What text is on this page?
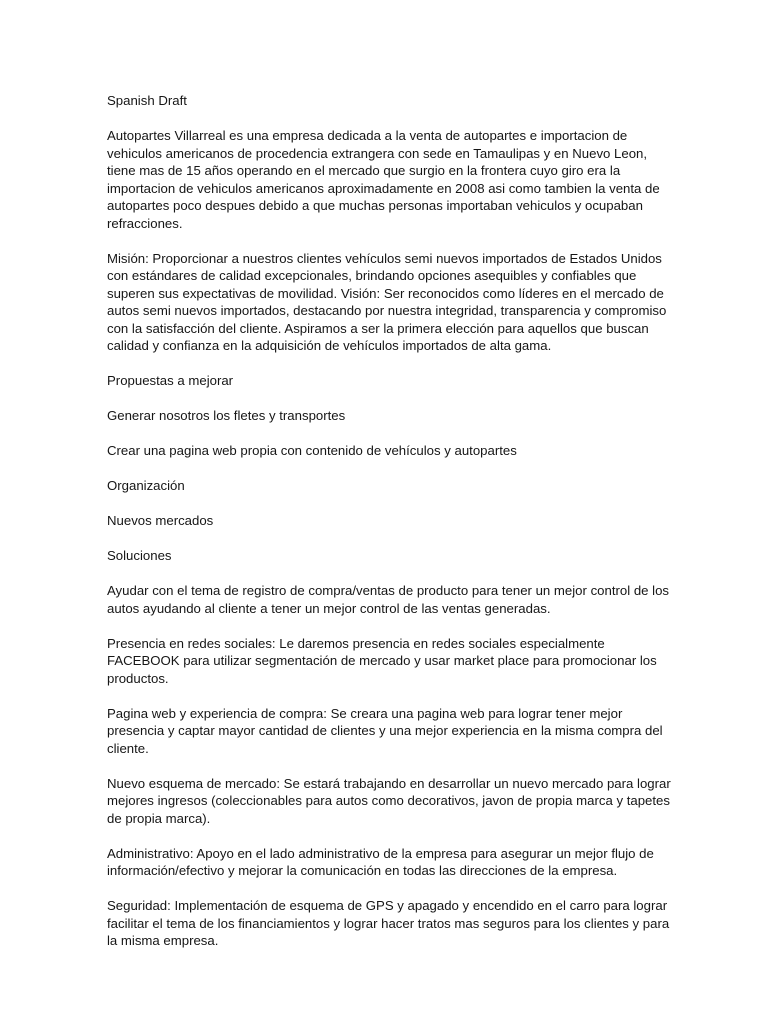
Spanish Draft

Autopartes Villarreal es una empresa dedicada a la venta de autopartes e importacion de vehiculos americanos de procedencia extrangera con sede en Tamaulipas y en Nuevo Leon, tiene mas de 15 años operando en el mercado que surgio en la frontera cuyo giro era la importacion de vehiculos americanos aproximadamente en 2008 asi como tambien la venta de autopartes poco despues debido a que muchas personas importaban vehiculos y ocupaban refracciones.

Misión: Proporcionar a nuestros clientes vehículos semi nuevos importados de Estados Unidos con estándares de calidad excepcionales, brindando opciones asequibles y confiables que superen sus expectativas de movilidad. Visión: Ser reconocidos como líderes en el mercado de autos semi nuevos importados, destacando por nuestra integridad, transparencia y compromiso con la satisfacción del cliente. Aspiramos a ser la primera elección para aquellos que buscan calidad y confianza en la adquisición de vehículos importados de alta gama.

Propuestas a mejorar

Generar nosotros los fletes y transportes

Crear una pagina web propia con contenido de vehículos y autopartes

Organización

Nuevos mercados

Soluciones

Ayudar con el tema de registro de compra/ventas de producto para tener un mejor control de los autos ayudando al cliente a tener un mejor control de las ventas generadas.

Presencia en redes sociales: Le daremos presencia en redes sociales especialmente FACEBOOK para utilizar segmentación de mercado y usar market place para promocionar los productos.

Pagina web y experiencia de compra: Se creara una pagina web para lograr tener mejor presencia y captar mayor cantidad de clientes y una mejor experiencia en la misma compra del cliente.

Nuevo esquema de mercado: Se estará trabajando en desarrollar un nuevo mercado para lograr mejores ingresos (coleccionables para autos como decorativos, javon de propia marca y tapetes de propia marca).

Administrativo: Apoyo en el lado administrativo de la empresa para asegurar un mejor flujo de información/efectivo y mejorar la comunicación en todas las direcciones de la empresa.

Seguridad: Implementación de esquema de GPS y apagado y encendido en el carro para lograr facilitar el tema de los financiamientos y lograr hacer tratos mas seguros para los clientes y para la misma empresa.
